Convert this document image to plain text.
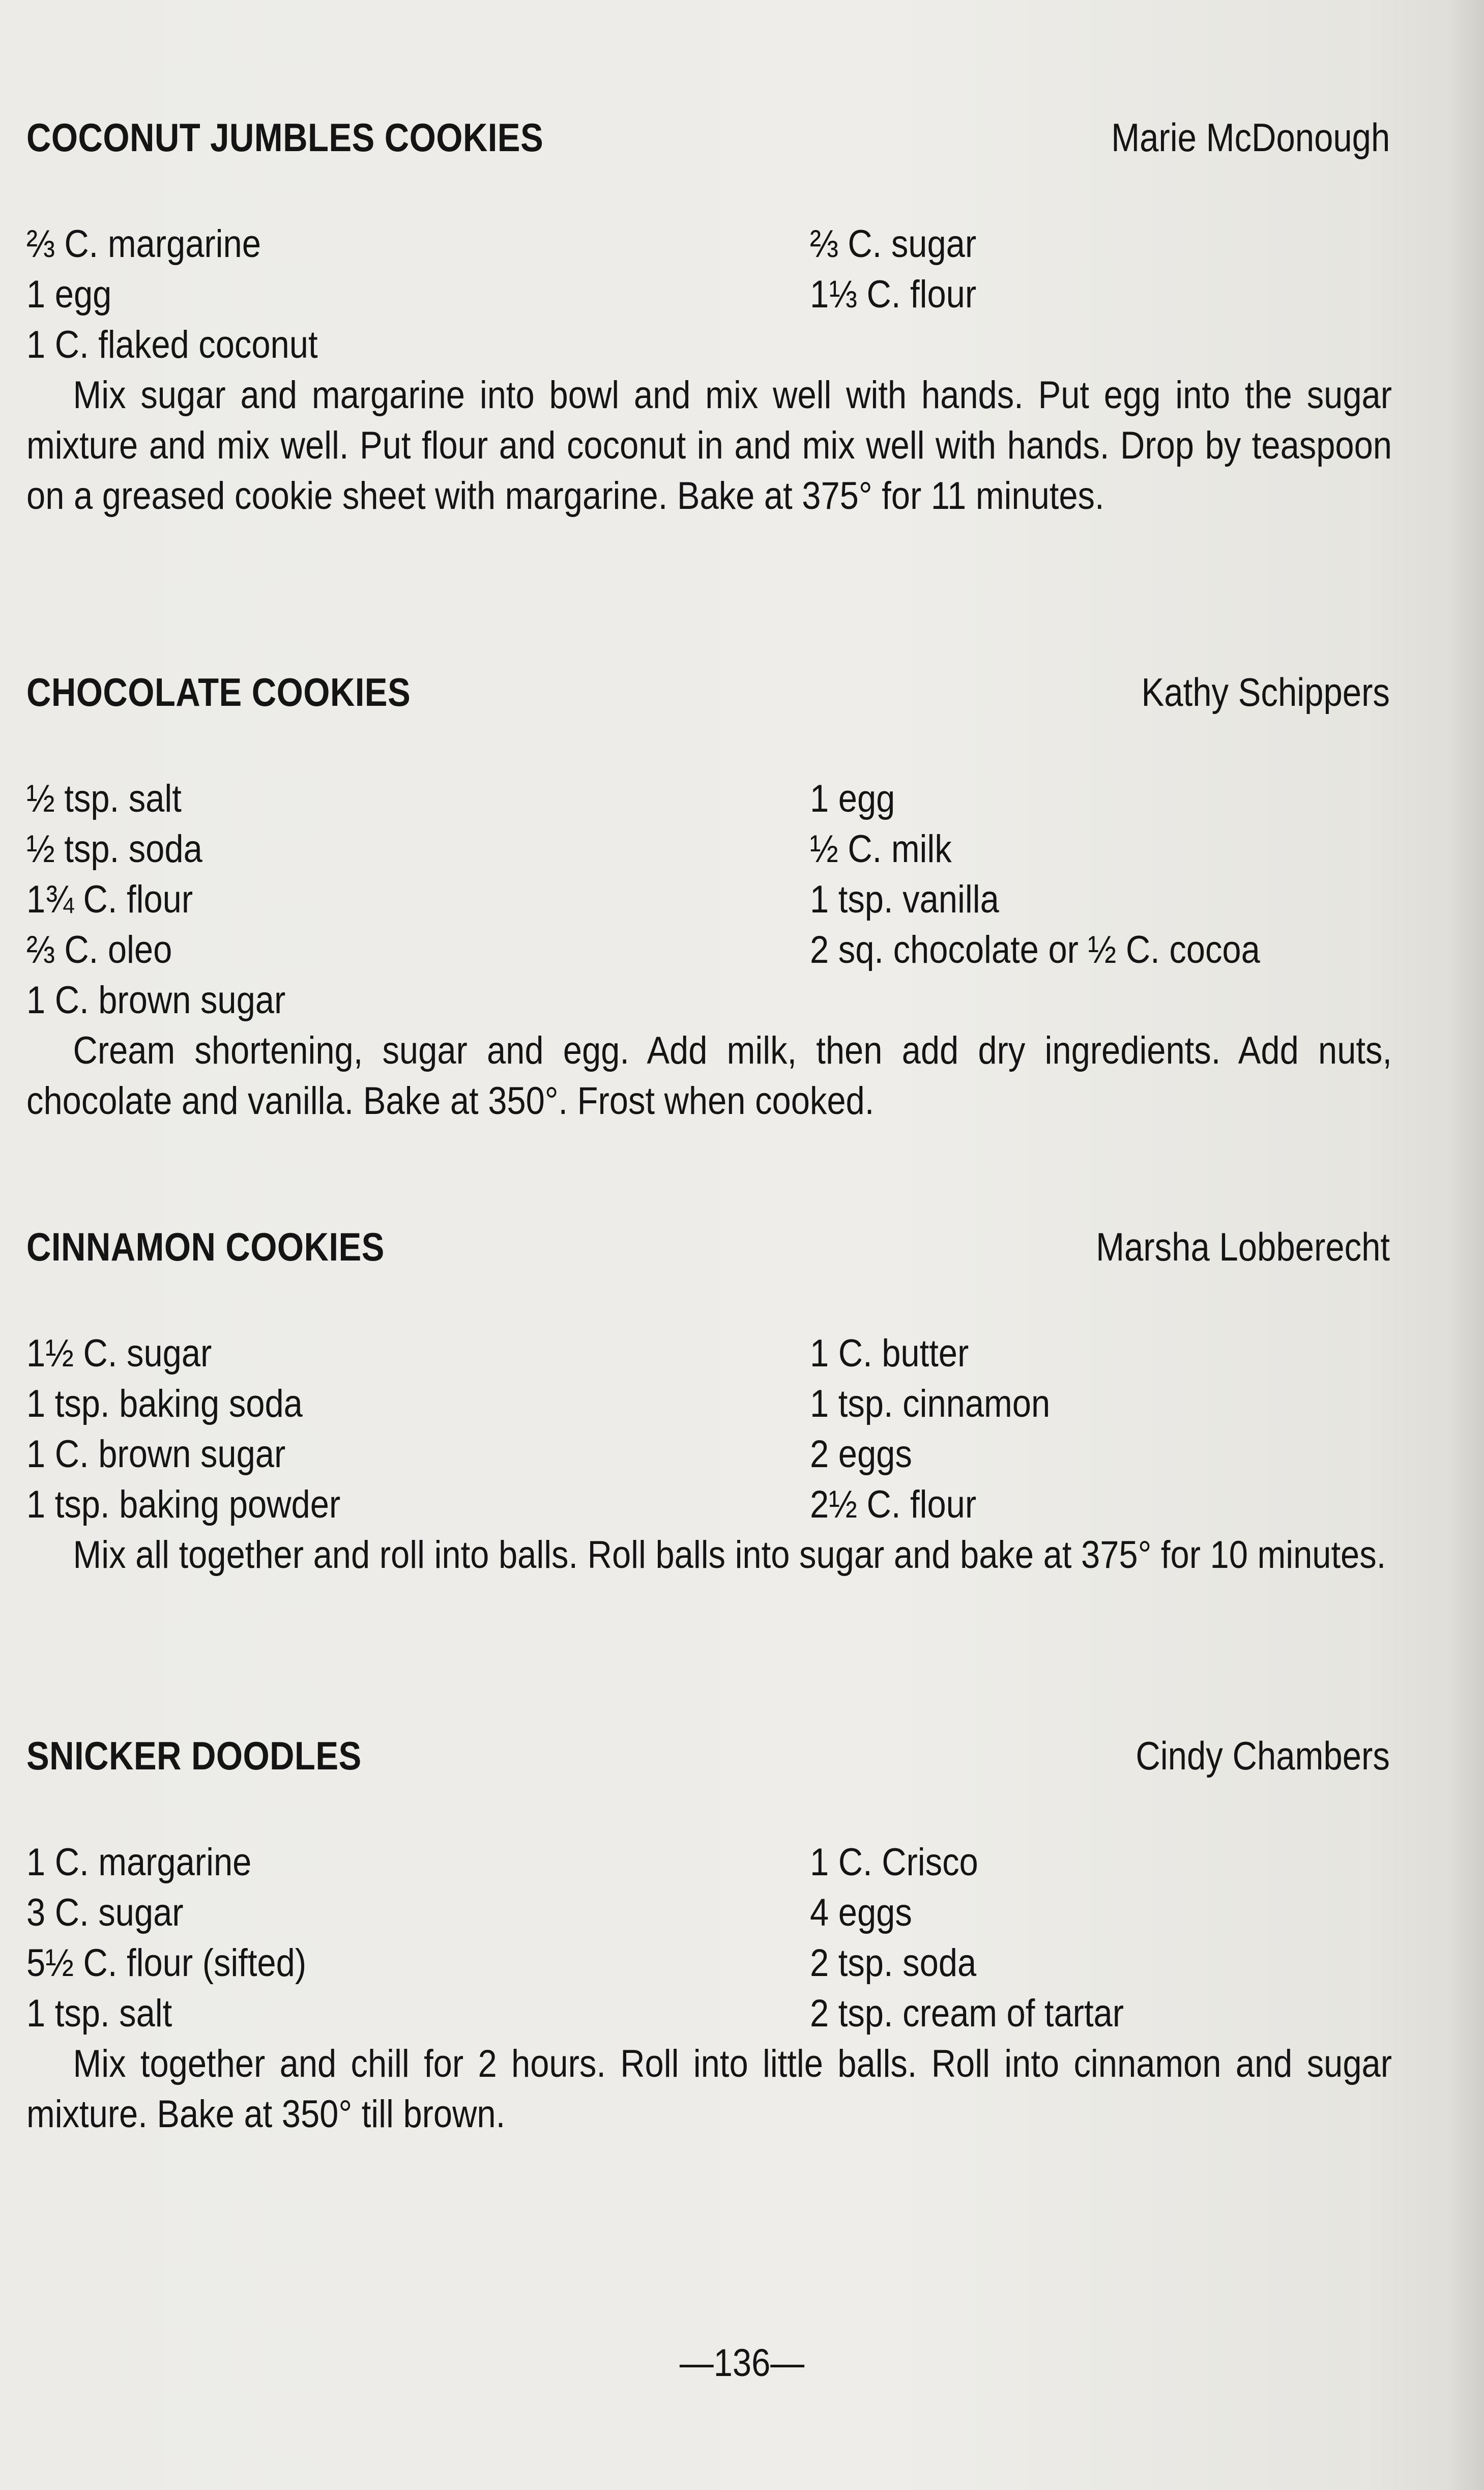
COCONUT JUMBLES COOKIES	Marie McDonough
⅔ C. margarine	⅔ C. sugar
1 egg	1⅓ C. flour
1 C. flaked coconut
Mix sugar and margarine into bowl and mix well with hands. Put egg into the sugar mixture and mix well. Put flour and coconut in and mix well with hands. Drop by teaspoon on a greased cookie sheet with margarine. Bake at 375° for 11 minutes.
CHOCOLATE COOKIES	Kathy Schippers
½ tsp. salt	1 egg
½ tsp. soda	½ C. milk
1¾ C. flour	1 tsp. vanilla
⅔ C. oleo	2 sq. chocolate or ½ C. cocoa
1 C. brown sugar
Cream shortening, sugar and egg. Add milk, then add dry ingredients. Add nuts, chocolate and vanilla. Bake at 350°. Frost when cooked.
CINNAMON COOKIES	Marsha Lobberecht
1½ C. sugar	1 C. butter
1 tsp. baking soda	1 tsp. cinnamon
1 C. brown sugar	2 eggs
1 tsp. baking powder	2½ C. flour
Mix all together and roll into balls. Roll balls into sugar and bake at 375° for 10 minutes.
SNICKER DOODLES	Cindy Chambers
1 C. margarine	1 C. Crisco
3 C. sugar	4 eggs
5½ C. flour (sifted)	2 tsp. soda
1 tsp. salt	2 tsp. cream of tartar
Mix together and chill for 2 hours. Roll into little balls. Roll into cinnamon and sugar mixture. Bake at 350° till brown.
—136—
